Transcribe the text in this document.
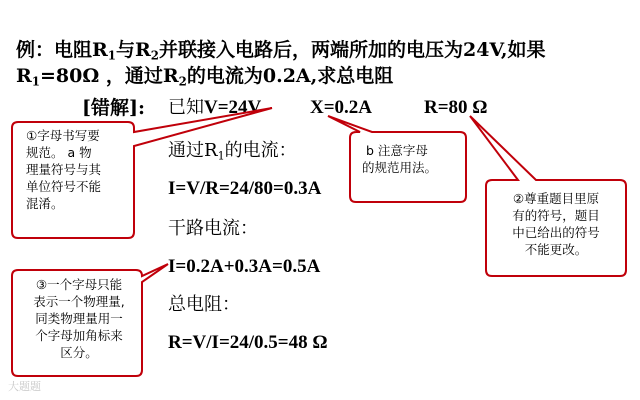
例：电阻$R_1$与$R_2$并联接入电路后，两端所加的电压为24V,如果
$R_1=80\Omega$ ，通过$R_2$的电流为0.2A,求总电阻
[错解]: 已知V=24V	X=0.2A	R=80 Ω
通过$R_1$的电流：
I=V/R=24/80=0.3A
干路电流：
I=0.2A+0.3A=0.5A
总电阻：
R=V/I=24/0.5=48 Ω
①字母书写要
规范。 a 物
理量符号与其
单位符号不能
混淆。
b 注意字母
的规范用法。
②尊重题目里原
有的符号，题目
中已给出的符号
不能更改。
③一个字母只能
表示一个物理量,
同类物理量用一
个字母加角标来
区分。
大题题
